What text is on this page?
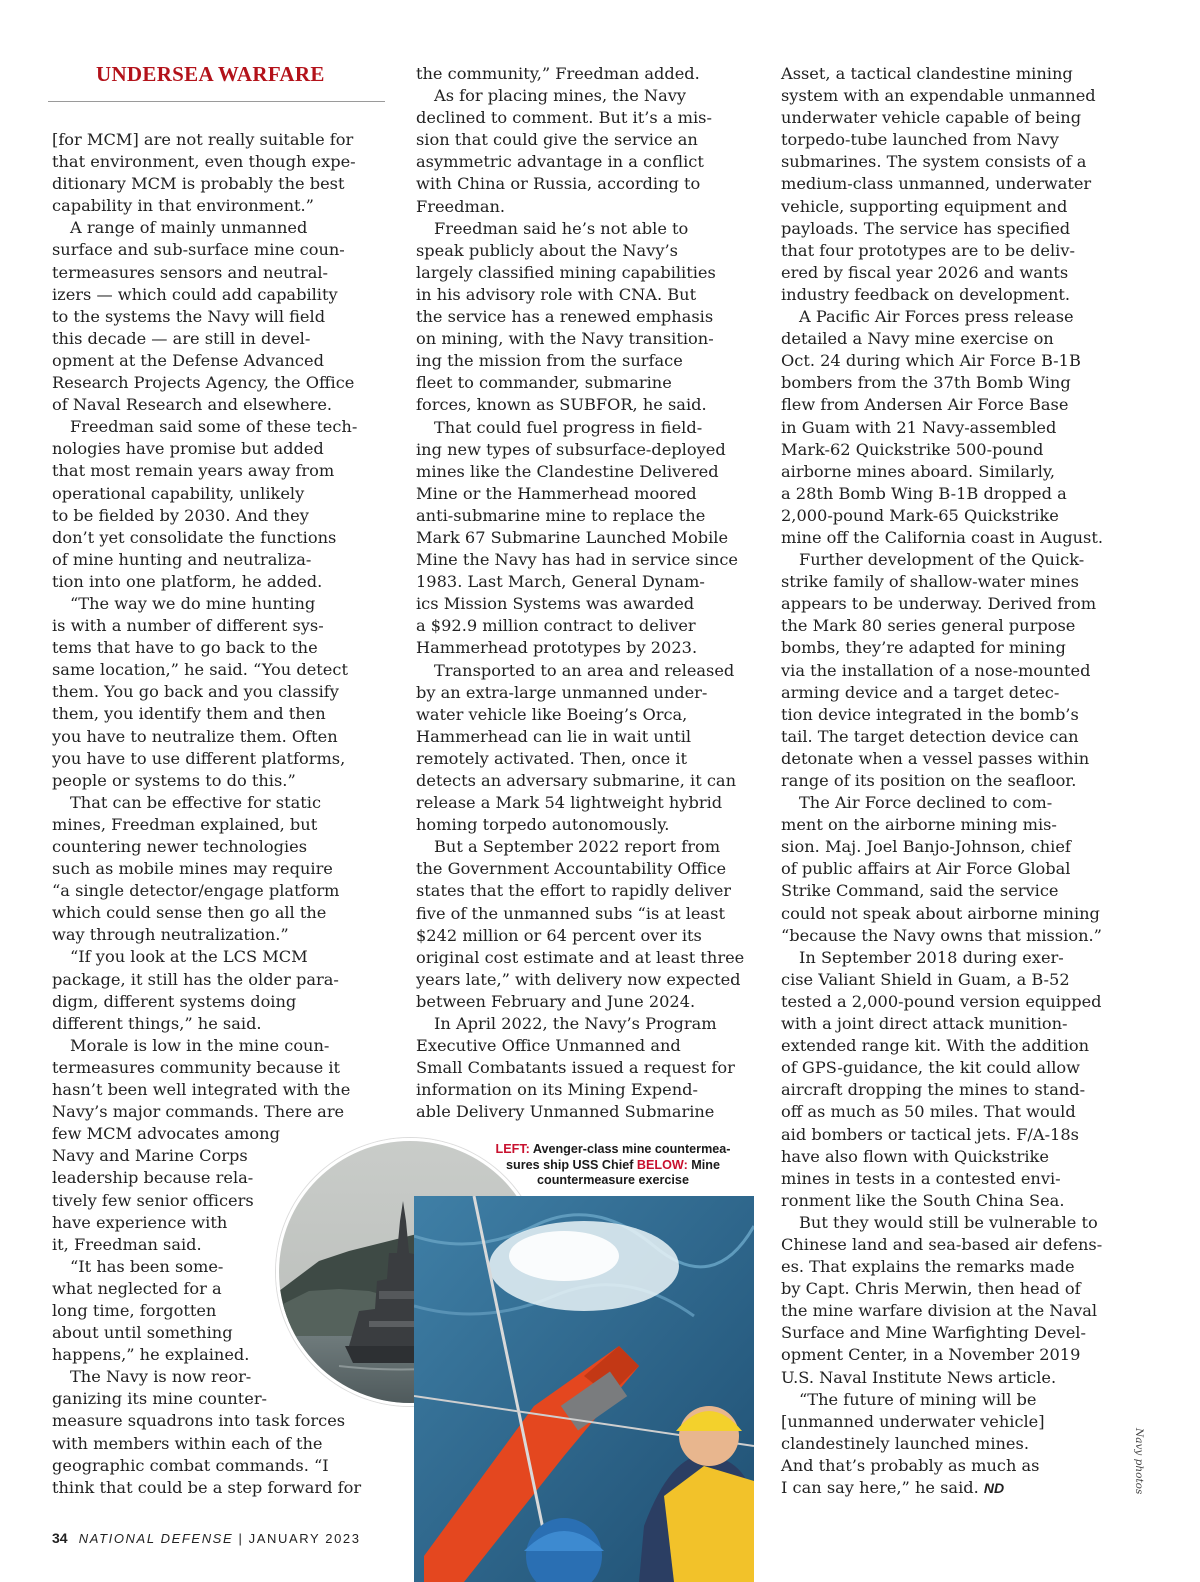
UNDERSEA WARFARE
[for MCM] are not really suitable for
that environment, even though expe-
ditionary MCM is probably the best
capability in that environment.”
A range of mainly unmanned
surface and sub-surface mine coun-
termeasures sensors and neutral-
izers — which could add capability
to the systems the Navy will field
this decade — are still in devel-
opment at the Defense Advanced
Research Projects Agency, the Office
of Naval Research and elsewhere.
Freedman said some of these tech-
nologies have promise but added
that most remain years away from
operational capability, unlikely
to be fielded by 2030. And they
don’t yet consolidate the functions
of mine hunting and neutraliza-
tion into one platform, he added.
“The way we do mine hunting
is with a number of different sys-
tems that have to go back to the
same location,” he said. “You detect
them. You go back and you classify
them, you identify them and then
you have to neutralize them. Often
you have to use different platforms,
people or systems to do this.”
That can be effective for static
mines, Freedman explained, but
countering newer technologies
such as mobile mines may require
“a single detector/engage platform
which could sense then go all the
way through neutralization.”
“If you look at the LCS MCM
package, it still has the older para-
digm, different systems doing
different things,” he said.
Morale is low in the mine coun-
termeasures community because it
hasn’t been well integrated with the
Navy’s major commands. There are
few MCM advocates among
Navy and Marine Corps
leadership because rela-
tively few senior officers
have experience with
it, Freedman said.
“It has been some-
what neglected for a
long time, forgotten
about until something
happens,” he explained.
The Navy is now reor-
ganizing its mine counter-
measure squadrons into task forces
with members within each of the
geographic combat commands. “I
think that could be a step forward for
the community,” Freedman added.
As for placing mines, the Navy
declined to comment. But it’s a mis-
sion that could give the service an
asymmetric advantage in a conflict
with China or Russia, according to
Freedman.
Freedman said he’s not able to
speak publicly about the Navy’s
largely classified mining capabilities
in his advisory role with CNA. But
the service has a renewed emphasis
on mining, with the Navy transition-
ing the mission from the surface
fleet to commander, submarine
forces, known as SUBFOR, he said.
That could fuel progress in field-
ing new types of subsurface-deployed
mines like the Clandestine Delivered
Mine or the Hammerhead moored
anti-submarine mine to replace the
Mark 67 Submarine Launched Mobile
Mine the Navy has had in service since
1983. Last March, General Dynam-
ics Mission Systems was awarded
a $92.9 million contract to deliver
Hammerhead prototypes by 2023.
Transported to an area and released
by an extra-large unmanned under-
water vehicle like Boeing’s Orca,
Hammerhead can lie in wait until
remotely activated. Then, once it
detects an adversary submarine, it can
release a Mark 54 lightweight hybrid
homing torpedo autonomously.
But a September 2022 report from
the Government Accountability Office
states that the effort to rapidly deliver
five of the unmanned subs “is at least
$242 million or 64 percent over its
original cost estimate and at least three
years late,” with delivery now expected
between February and June 2024.
In April 2022, the Navy’s Program
Executive Office Unmanned and
Small Combatants issued a request for
information on its Mining Expend-
able Delivery Unmanned Submarine
Asset, a tactical clandestine mining
system with an expendable unmanned
underwater vehicle capable of being
torpedo-tube launched from Navy
submarines. The system consists of a
medium-class unmanned, underwater
vehicle, supporting equipment and
payloads. The service has specified
that four prototypes are to be deliv-
ered by fiscal year 2026 and wants
industry feedback on development.
A Pacific Air Forces press release
detailed a Navy mine exercise on
Oct. 24 during which Air Force B-1B
bombers from the 37th Bomb Wing
flew from Andersen Air Force Base
in Guam with 21 Navy-assembled
Mark-62 Quickstrike 500-pound
airborne mines aboard. Similarly,
a 28th Bomb Wing B-1B dropped a
2,000-pound Mark-65 Quickstrike
mine off the California coast in August.
Further development of the Quick-
strike family of shallow-water mines
appears to be underway. Derived from
the Mark 80 series general purpose
bombs, they’re adapted for mining
via the installation of a nose-mounted
arming device and a target detec-
tion device integrated in the bomb’s
tail. The target detection device can
detonate when a vessel passes within
range of its position on the seafloor.
The Air Force declined to com-
ment on the airborne mining mis-
sion. Maj. Joel Banjo-Johnson, chief
of public affairs at Air Force Global
Strike Command, said the service
could not speak about airborne mining
“because the Navy owns that mission.”
In September 2018 during exer-
cise Valiant Shield in Guam, a B-52
tested a 2,000-pound version equipped
with a joint direct attack munition-
extended range kit. With the addition
of GPS-guidance, the kit could allow
aircraft dropping the mines to stand-
off as much as 50 miles. That would
aid bombers or tactical jets. F/A-18s
have also flown with Quickstrike
mines in tests in a contested envi-
ronment like the South China Sea.
But they would still be vulnerable to
Chinese land and sea-based air defens-
es. That explains the remarks made
by Capt. Chris Merwin, then head of
the mine warfare division at the Naval
Surface and Mine Warfighting Devel-
opment Center, in a November 2019
U.S. Naval Institute News article.
“The future of mining will be
[unmanned underwater vehicle]
clandestinely launched mines.
And that’s probably as much as
I can say here,” he said. ND
LEFT: Avenger-class mine countermea-
sures ship USS Chief BELOW: Mine
countermeasure exercise
Navy photos
34 NATIONAL DEFENSE | JANUARY 2023
